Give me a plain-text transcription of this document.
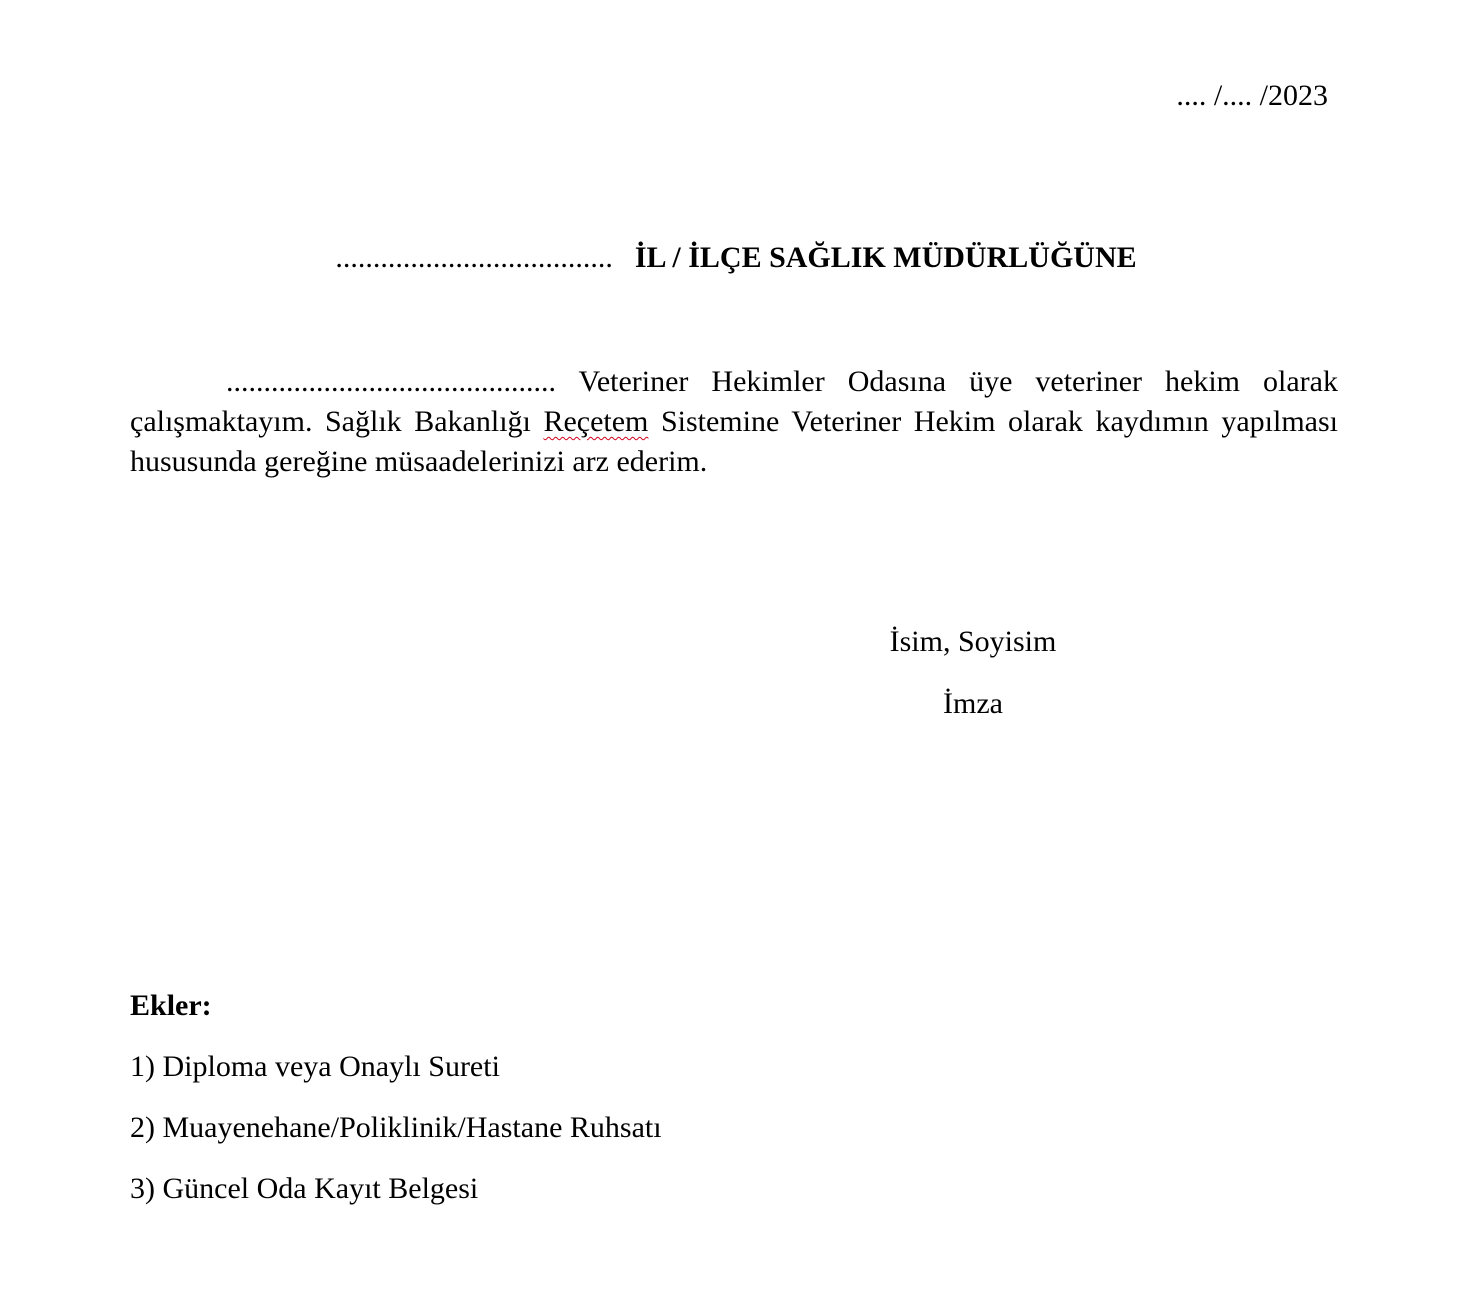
.... /.... /2023
..................................... İL / İLÇE SAĞLIK MÜDÜRLÜĞÜNE

............................................ Veteriner Hekimler Odasına üye veteriner hekim olarak çalışmaktayım. Sağlık Bakanlığı Reçetem Sistemine Veteriner Hekim olarak kaydımın yapılması hususunda gereğine müsaadelerinizi arz ederim.

İsim, Soyisim
İmza
Ekler:
1) Diploma veya Onaylı Sureti
2) Muayenehane/Poliklinik/Hastane Ruhsatı
3) Güncel Oda Kayıt Belgesi
